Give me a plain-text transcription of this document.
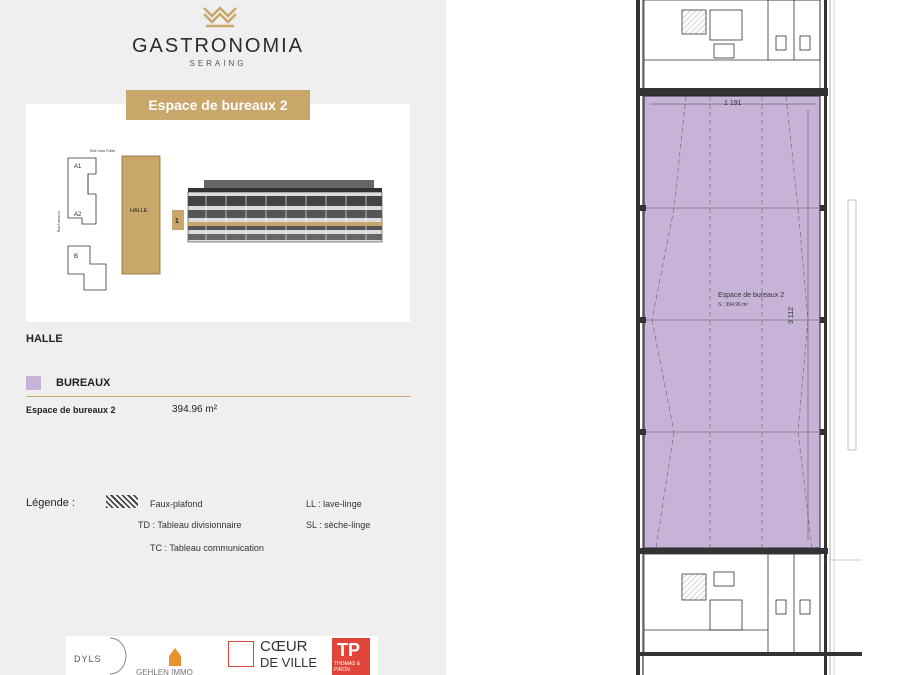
GASTRONOMIA
SERAING
Rue Léon Pollet
Rue Lamarck
A1
A2
B
HALLE
1
Espace de bureaux 2
HALLE
BUREAUX
Espace de bureaux 2	394.96 m²
Légende :	Faux-plafond
TD : Tableau divisionnaire
TC : Tableau communication
LL : lave-linge
SL : sèche-linge
DYLS
GEHLEN IMMO
CŒUR
DE VILLE
TP
THOMAS & PIRON
1 191
Espace de bureaux 2
S : 394.96 m²
3 112
